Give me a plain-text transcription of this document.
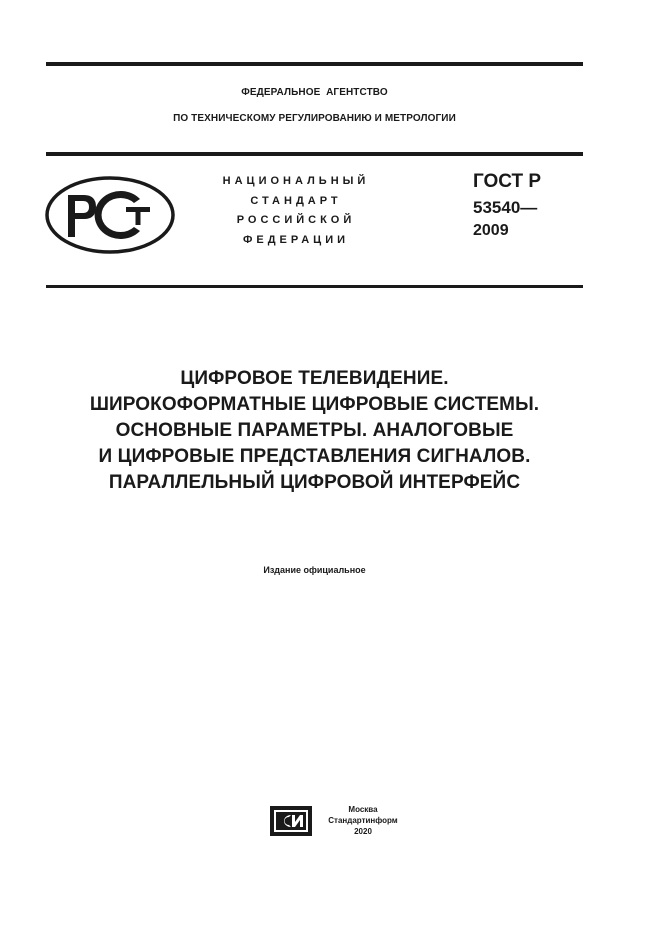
ФЕДЕРАЛЬНОЕ  АГЕНТСТВО
ПО ТЕХНИЧЕСКОМУ РЕГУЛИРОВАНИЮ И МЕТРОЛОГИИ
НАЦИОНАЛЬНЫЙ
СТАНДАРТ
РОССИЙСКОЙ
ФЕДЕРАЦИИ
ГОСТ Р
53540—
2009
ЦИФРОВОЕ ТЕЛЕВИДЕНИЕ.
ШИРОКОФОРМАТНЫЕ ЦИФРОВЫЕ СИСТЕМЫ.
ОСНОВНЫЕ ПАРАМЕТРЫ. АНАЛОГОВЫЕ
И ЦИФРОВЫЕ ПРЕДСТАВЛЕНИЯ СИГНАЛОВ.
ПАРАЛЛЕЛЬНЫЙ ЦИФРОВОЙ ИНТЕРФЕЙС
Издание официальное
Москва
Стандартинформ
2020
